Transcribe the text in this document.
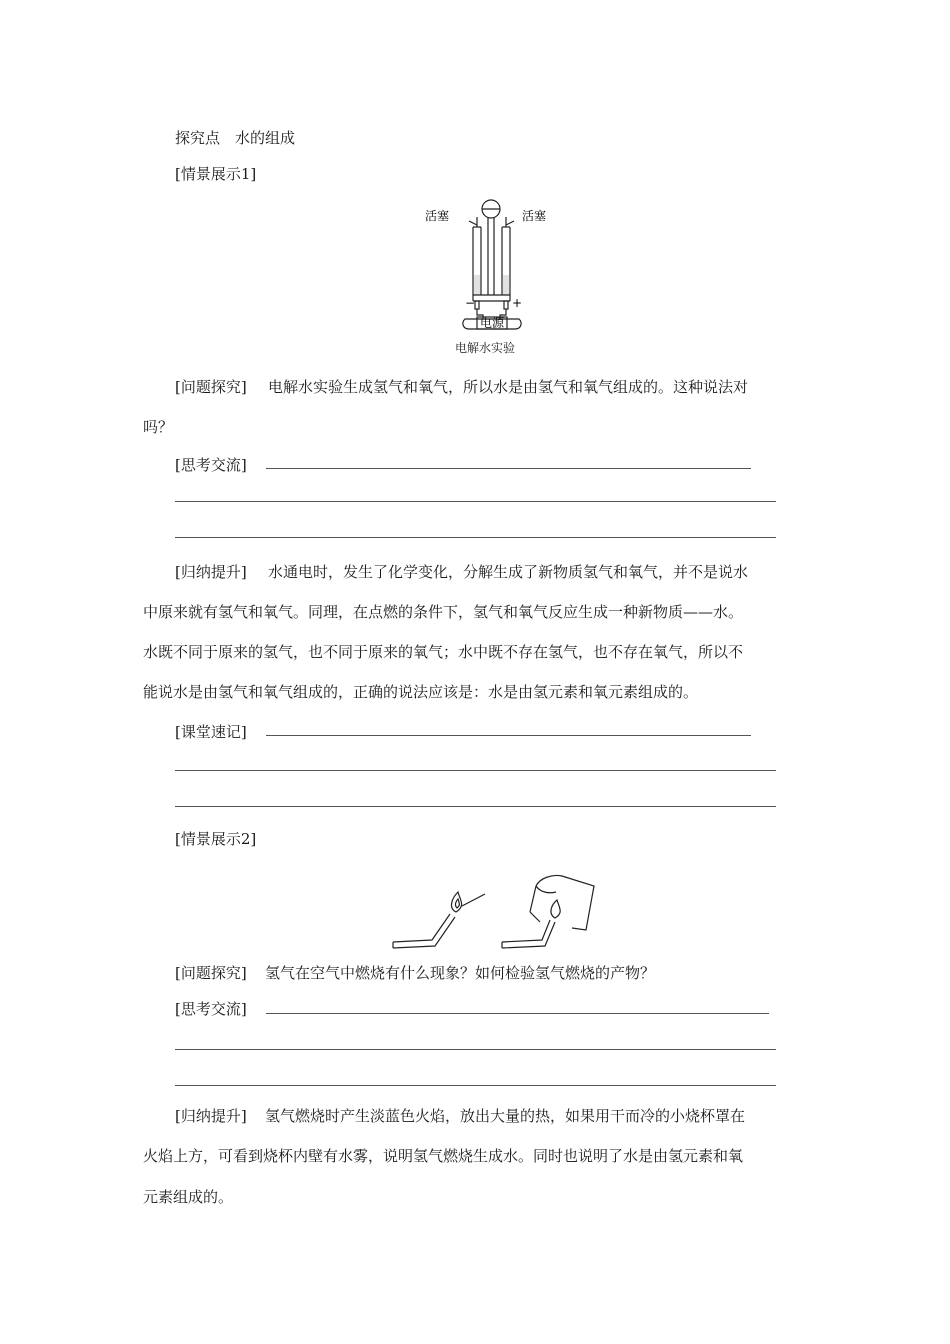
探究点　水的组成
[情景展示1]
活塞	活塞
−	+
电源
电解水实验
[问题探究] 电解水实验生成氢气和氧气，所以水是由氢气和氧气组成的。这种说法对
吗？
[思考交流]
[归纳提升] 水通电时，发生了化学变化，分解生成了新物质氢气和氧气，并不是说水
中原来就有氢气和氧气。同理，在点燃的条件下，氢气和氧气反应生成一种新物质——水。
水既不同于原来的氢气，也不同于原来的氧气；水中既不存在氢气，也不存在氧气，所以不
能说水是由氢气和氧气组成的，正确的说法应该是：水是由氢元素和氧元素组成的。
[课堂速记]
[情景展示2]
[问题探究] 氢气在空气中燃烧有什么现象？如何检验氢气燃烧的产物？
[思考交流]
[归纳提升] 氢气燃烧时产生淡蓝色火焰，放出大量的热，如果用干而冷的小烧杯罩在
火焰上方，可看到烧杯内壁有水雾，说明氢气燃烧生成水。同时也说明了水是由氢元素和氧
元素组成的。
